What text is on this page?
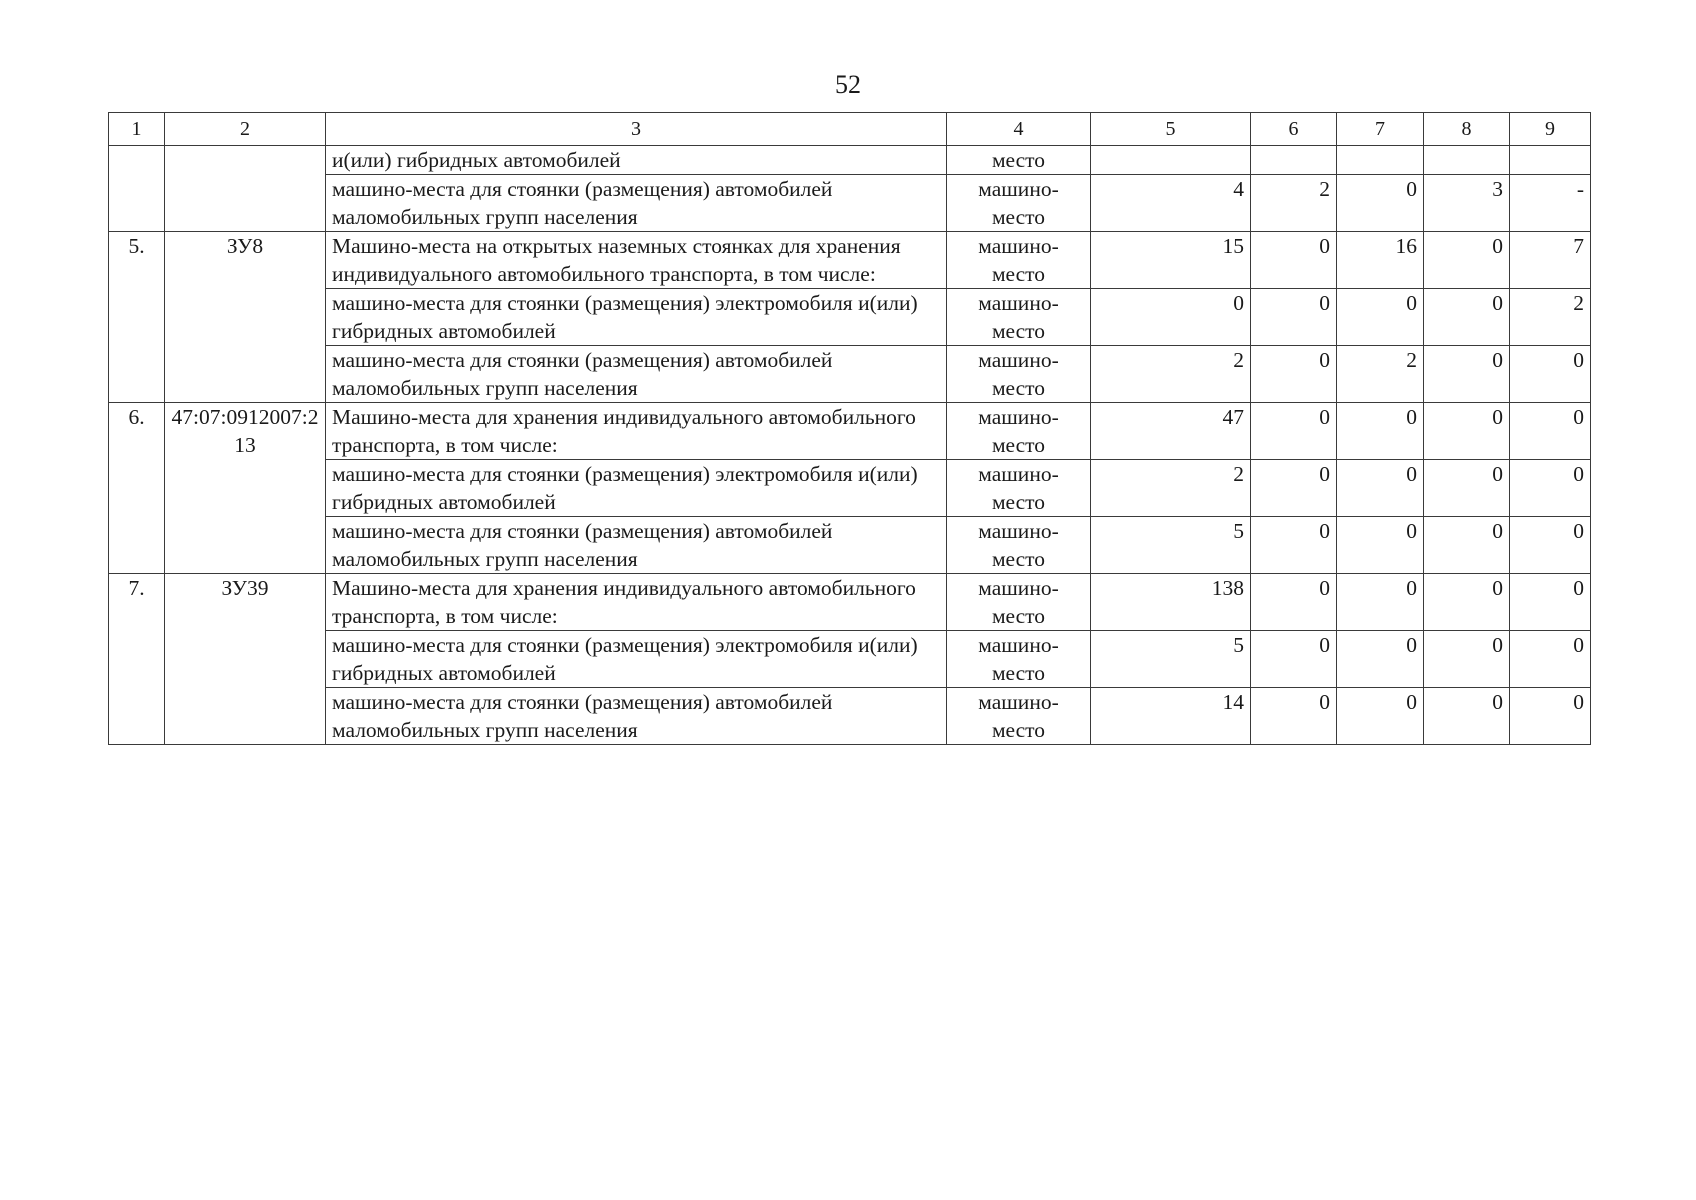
52
1	2	3	4	5	6	7	8	9
		и(или) гибридных автомобилей	место					
		машино-места для стоянки (размещения) автомобилей маломобильных групп населения	машино-место	4	2	0	3	-
5.	ЗУ8	Машино-места на открытых наземных стоянках для хранения индивидуального автомобильного транспорта, в том числе:	машино-место	15	0	16	0	7
		машино-места для стоянки (размещения) электромобиля и(или) гибридных автомобилей	машино-место	0	0	0	0	2
		машино-места для стоянки (размещения) автомобилей маломобильных групп населения	машино-место	2	0	2	0	0
6.	47:07:0912007:213	Машино-места для хранения индивидуального автомобильного транспорта, в том числе:	машино-место	47	0	0	0	0
		машино-места для стоянки (размещения) электромобиля и(или) гибридных автомобилей	машино-место	2	0	0	0	0
		машино-места для стоянки (размещения) автомобилей маломобильных групп населения	машино-место	5	0	0	0	0
7.	ЗУ39	Машино-места для хранения индивидуального автомобильного транспорта, в том числе:	машино-место	138	0	0	0	0
		машино-места для стоянки (размещения) электромобиля и(или) гибридных автомобилей	машино-место	5	0	0	0	0
		машино-места для стоянки (размещения) автомобилей маломобильных групп населения	машино-место	14	0	0	0	0
